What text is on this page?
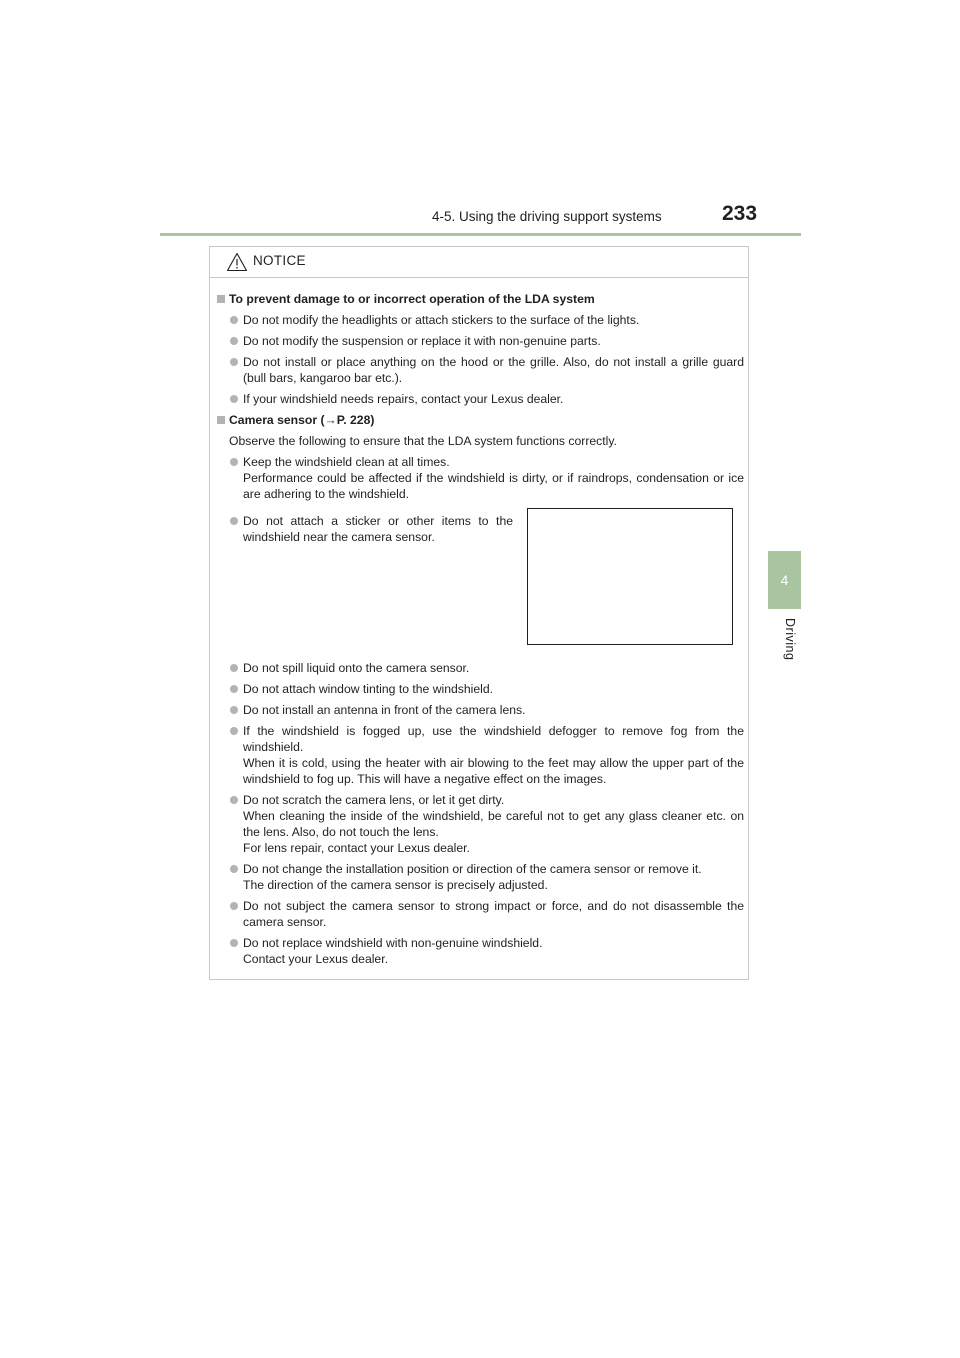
4-5. Using the driving support systems	233
4
Driving
NOTICE
To prevent damage to or incorrect operation of the LDA system

Do not modify the headlights or attach stickers to the surface of the lights.

Do not modify the suspension or replace it with non-genuine parts.

Do not install or place anything on the hood or the grille. Also, do not install a grille guard (bull bars, kangaroo bar etc.).

If your windshield needs repairs, contact your Lexus dealer.

Camera sensor (→P. 228)
Observe the following to ensure that the LDA system functions correctly.

Keep the windshield clean at all times.

Performance could be affected if the windshield is dirty, or if raindrops, condensation or ice are adhering to the windshield.

Do not attach a sticker or other items to the windshield near the camera sensor.

Do not spill liquid onto the camera sensor.

Do not attach window tinting to the windshield.

Do not install an antenna in front of the camera lens.

If the windshield is fogged up, use the windshield defogger to remove fog from the windshield.

When it is cold, using the heater with air blowing to the feet may allow the upper part of the windshield to fog up. This will have a negative effect on the images.

Do not scratch the camera lens, or let it get dirty.

When cleaning the inside of the windshield, be careful not to get any glass cleaner etc. on the lens. Also, do not touch the lens.

For lens repair, contact your Lexus dealer.

Do not change the installation position or direction of the camera sensor or remove it.

The direction of the camera sensor is precisely adjusted.

Do not subject the camera sensor to strong impact or force, and do not disassemble the camera sensor.

Do not replace windshield with non-genuine windshield.

Contact your Lexus dealer.
